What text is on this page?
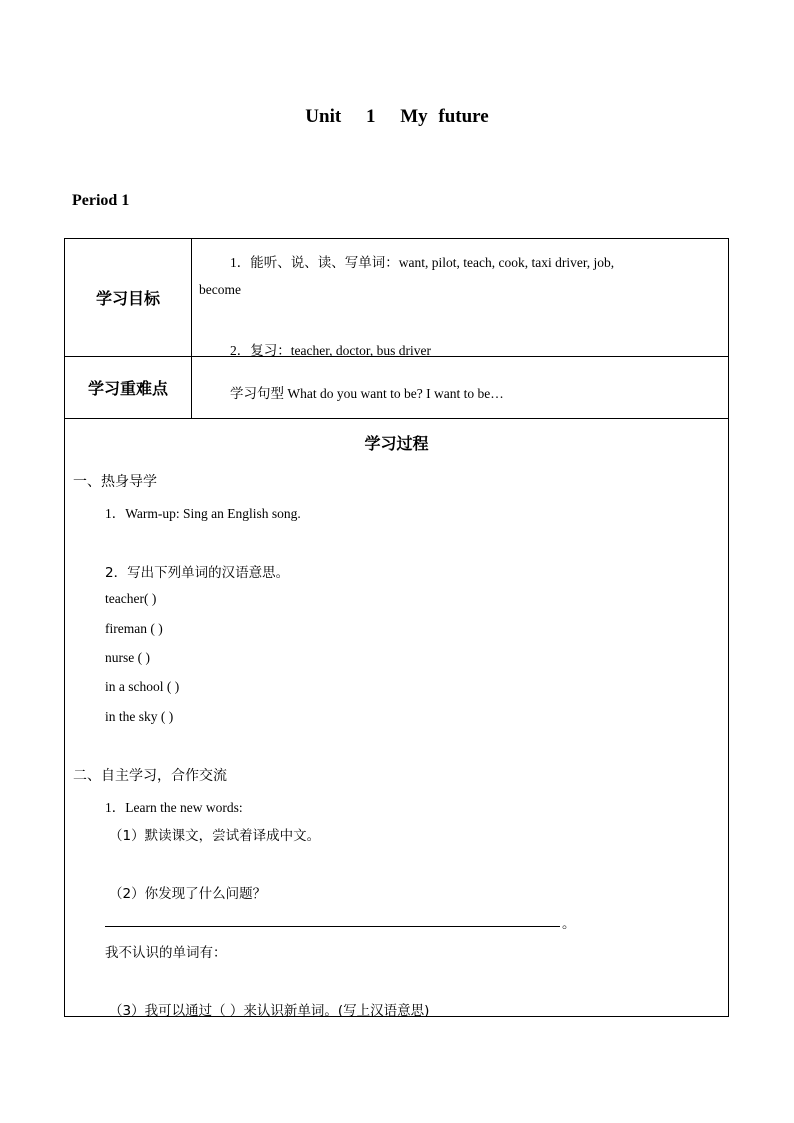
Unit 1 My future
Period 1
学习目标
1．能听、说、读、写单词：want, pilot, teach, cook, taxi driver, job,
become
2．复习：teacher, doctor, bus driver
学习重难点	学习句型 What do you want to be? I want to be…
学习过程
一、热身导学
1．Warm-up: Sing an English song.
2．写出下列单词的汉语意思。
teacher( )
fireman ( )
nurse ( )
in a school ( )
in the sky ( )
二、自主学习，合作交流
1．Learn the new words:
（1）默读课文，尝试着译成中文。
（2）你发现了什么问题？
。
我不认识的单词有：
（3）我可以通过（ ）来认识新单词。(写上汉语意思)
